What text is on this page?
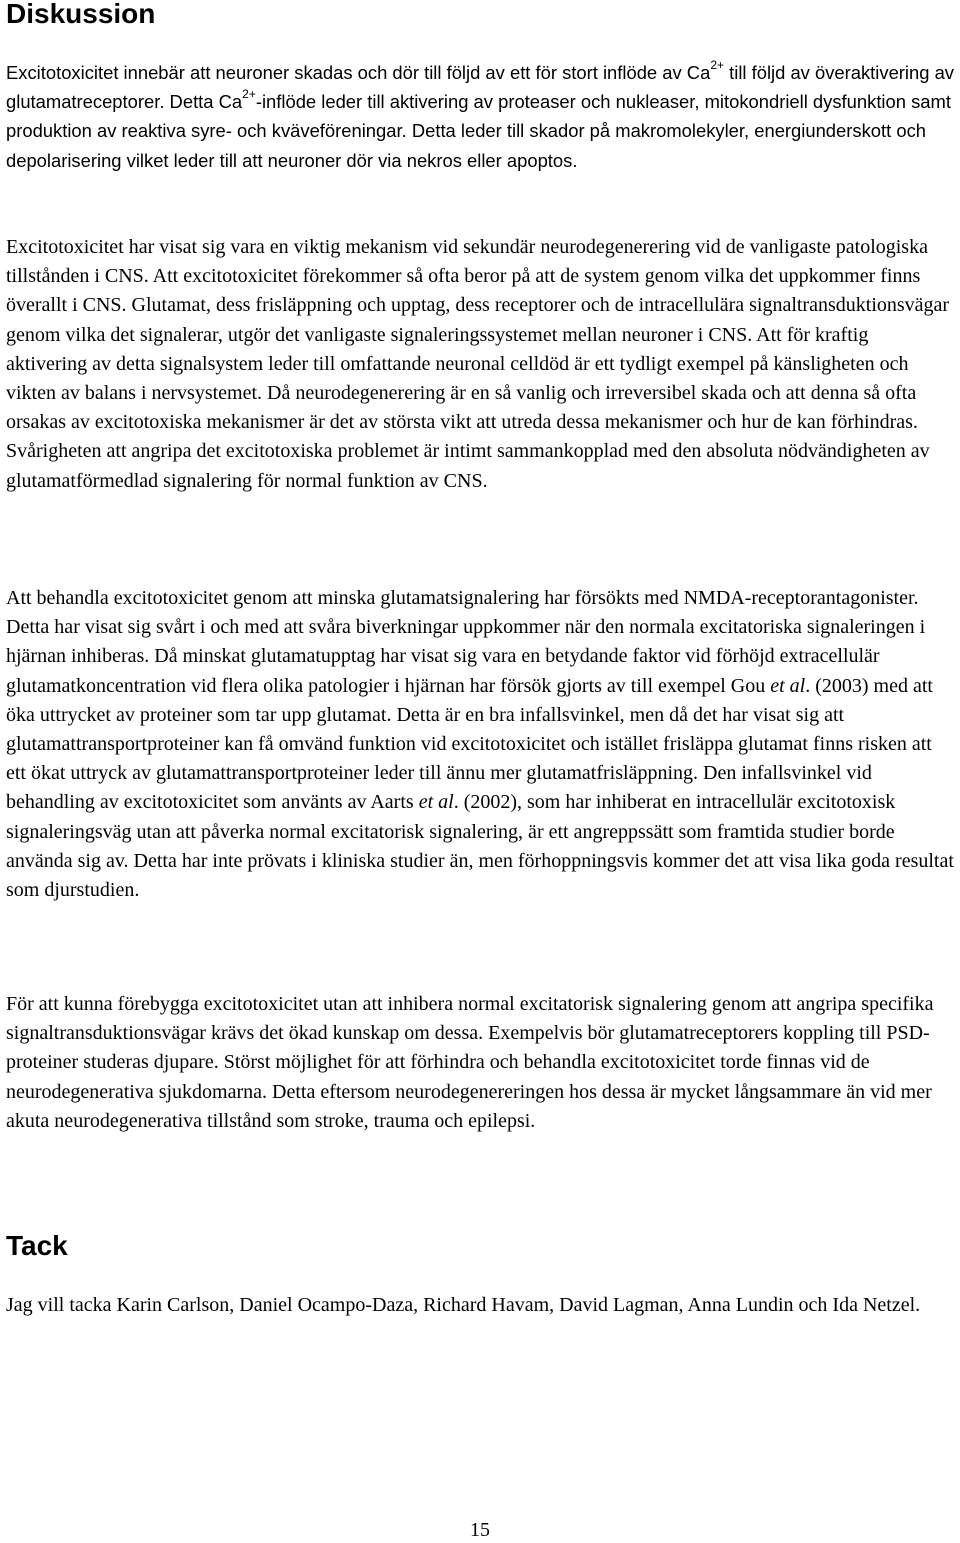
Diskussion

Excitotoxicitet innebär att neuroner skadas och dör till följd av ett för stort inflöde av $Ca^{2+}$ till följd av överaktivering av glutamatreceptorer. Detta $Ca^{2+}$-inflöde leder till aktivering av proteaser och nukleaser, mitokondriell dysfunktion samt produktion av reaktiva syre- och kväveföreningar. Detta leder till skador på makromolekyler, energiunderskott och depolarisering vilket leder till att neuroner dör via nekros eller apoptos.

Excitotoxicitet har visat sig vara en viktig mekanism vid sekundär neurodegenerering vid de vanligaste patologiska tillstånden i CNS. Att excitotoxicitet förekommer så ofta beror på att de system genom vilka det uppkommer finns överallt i CNS. Glutamat, dess frisläppning och upptag, dess receptorer och de intracellulära signaltransduktionsvägar genom vilka det signalerar, utgör det vanligaste signaleringssystemet mellan neuroner i CNS. Att för kraftig aktivering av detta signalsystem leder till omfattande neuronal celldöd är ett tydligt exempel på känsligheten och vikten av balans i nervsystemet. Då neurodegenerering är en så vanlig och irreversibel skada och att denna så ofta orsakas av excitotoxiska mekanismer är det av största vikt att utreda dessa mekanismer och hur de kan förhindras. Svårigheten att angripa det excitotoxiska problemet är intimt sammankopplad med den absoluta nödvändigheten av glutamatförmedlad signalering för normal funktion av CNS.

Att behandla excitotoxicitet genom att minska glutamatsignalering har försökts med NMDA-receptorantagonister. Detta har visat sig svårt i och med att svåra biverkningar uppkommer när den normala excitatoriska signaleringen i hjärnan inhiberas. Då minskat glutamatupptag har visat sig vara en betydande faktor vid förhöjd extracellulär glutamatkoncentration vid flera olika patologier i hjärnan har försök gjorts av till exempel Gou et al. (2003) med att öka uttrycket av proteiner som tar upp glutamat. Detta är en bra infallsvinkel, men då det har visat sig att glutamattransportproteiner kan få omvänd funktion vid excitotoxicitet och istället frisläppa glutamat finns risken att ett ökat uttryck av glutamattransportproteiner leder till ännu mer glutamatfrisläppning. Den infallsvinkel vid behandling av excitotoxicitet som använts av Aarts et al. (2002), som har inhiberat en intracellulär excitotoxisk signaleringsväg utan att påverka normal excitatorisk signalering, är ett angreppssätt som framtida studier borde använda sig av. Detta har inte prövats i kliniska studier än, men förhoppningsvis kommer det att visa lika goda resultat som djurstudien.

För att kunna förebygga excitotoxicitet utan att inhibera normal excitatorisk signalering genom att angripa specifika signaltransduktionsvägar krävs det ökad kunskap om dessa. Exempelvis bör glutamatreceptorers koppling till PSD-proteiner studeras djupare. Störst möjlighet för att förhindra och behandla excitotoxicitet torde finnas vid de neurodegenerativa sjukdomarna. Detta eftersom neurodegenereringen hos dessa är mycket långsammare än vid mer akuta neurodegenerativa tillstånd som stroke, trauma och epilepsi.

Tack

Jag vill tacka Karin Carlson, Daniel Ocampo-Daza, Richard Havam, David Lagman, Anna Lundin och Ida Netzel.

15
